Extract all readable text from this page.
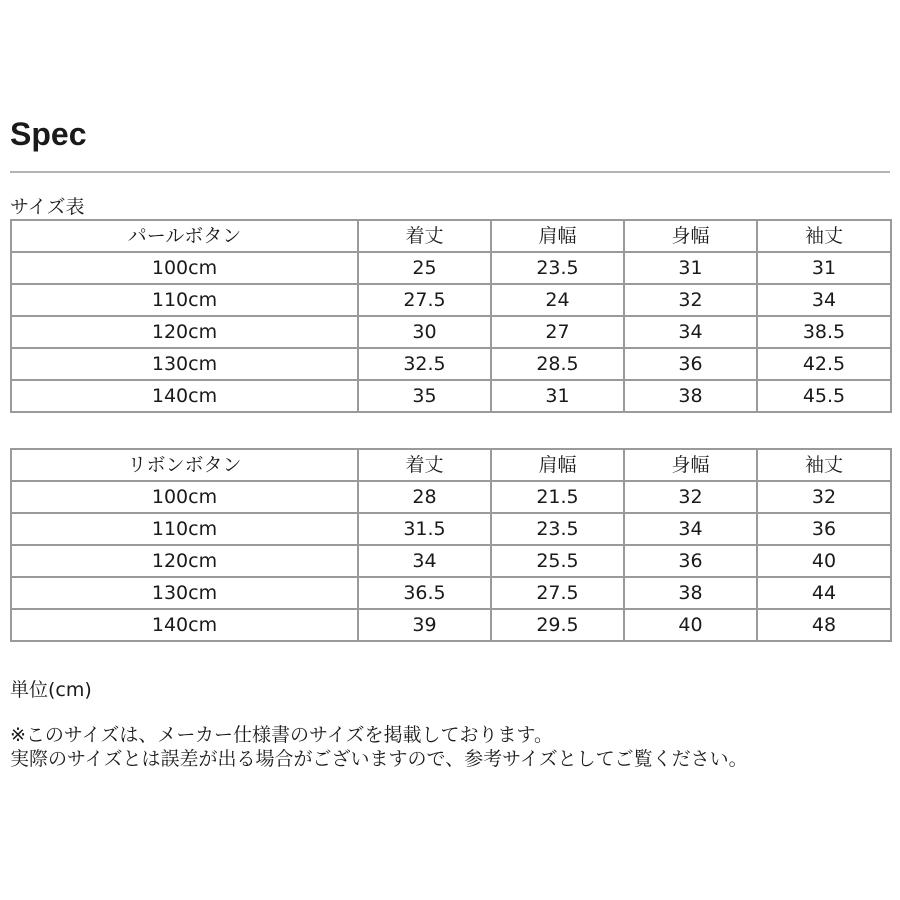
Spec
サイズ表
パールボタン	着丈	肩幅	身幅	袖丈
100cm	25	23.5	31	31
110cm	27.5	24	32	34
120cm	30	27	34	38.5
130cm	32.5	28.5	36	42.5
140cm	35	31	38	45.5
リボンボタン	着丈	肩幅	身幅	袖丈
100cm	28	21.5	32	32
110cm	31.5	23.5	34	36
120cm	34	25.5	36	40
130cm	36.5	27.5	38	44
140cm	39	29.5	40	48
単位(cm)
※このサイズは、メーカー仕様書のサイズを掲載しております。
実際のサイズとは誤差が出る場合がございますので、参考サイズとしてご覧ください。
